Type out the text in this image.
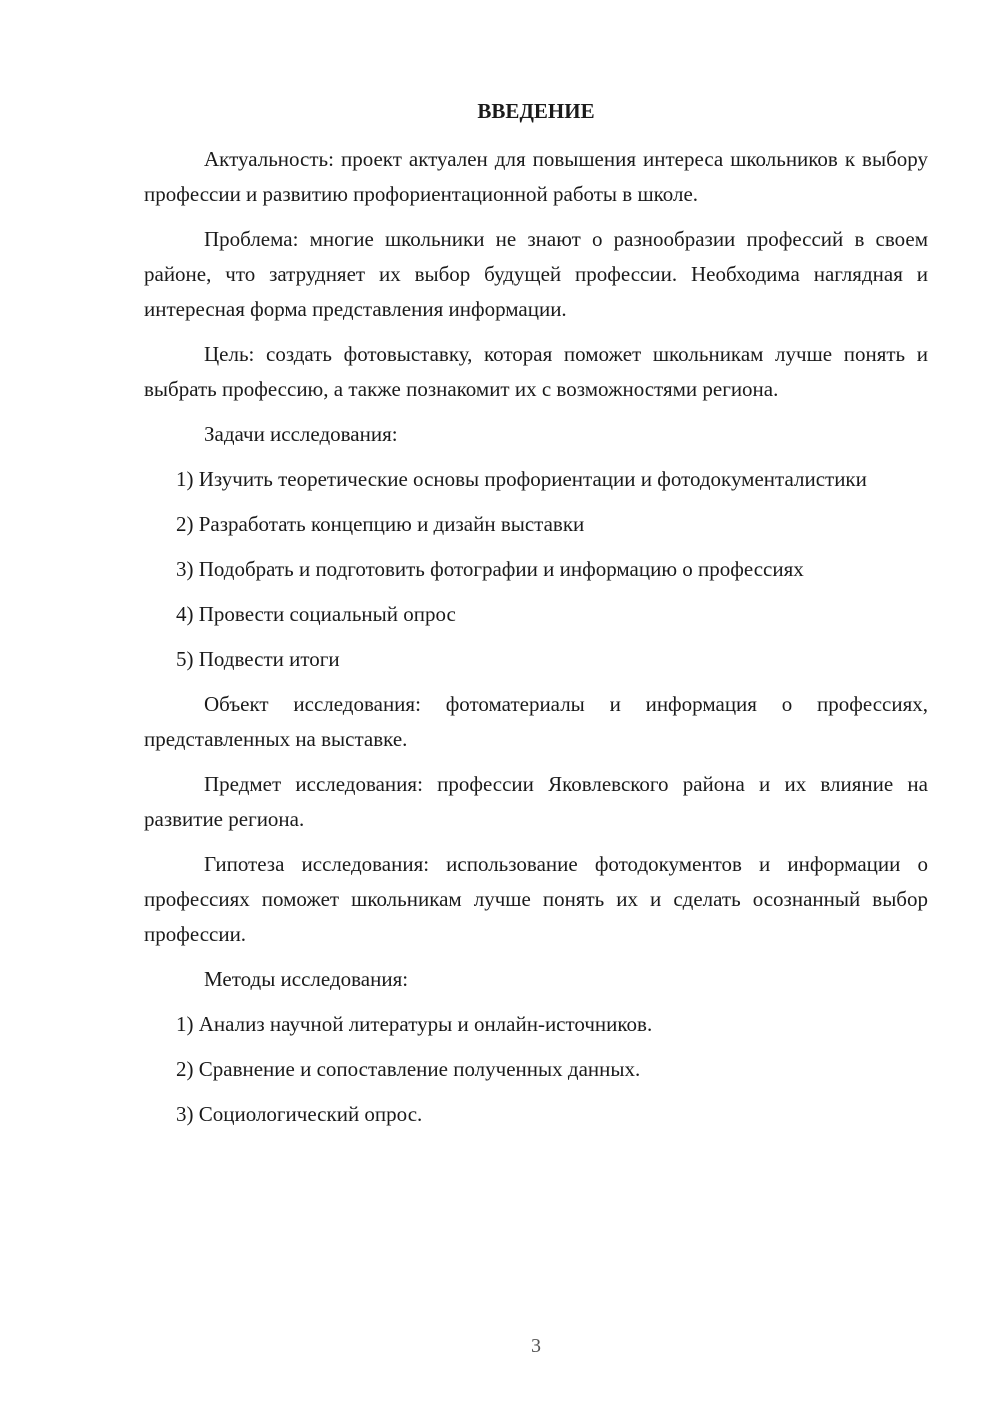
ВВЕДЕНИЕ

Актуальность: проект актуален для повышения интереса школьников к выбору профессии и развитию профориентационной работы в школе.

Проблема: многие школьники не знают о разнообразии профессий в своем районе, что затрудняет их выбор будущей профессии. Необходима наглядная и интересная форма представления информации.

Цель: создать фотовыставку, которая поможет школьникам лучше понять и выбрать профессию, а также познакомит их с возможностями региона.

Задачи исследования:

1) Изучить теоретические основы профориентации и фотодокументалистики

2) Разработать концепцию и дизайн выставки

3) Подобрать и подготовить фотографии и информацию о профессиях

4) Провести социальный опрос

5) Подвести итоги

Объект исследования: фотоматериалы и информация о профессиях, представленных на выставке.

Предмет исследования: профессии Яковлевского района и их влияние на развитие региона.

Гипотеза исследования: использование фотодокументов и информации о профессиях поможет школьникам лучше понять их и сделать осознанный выбор профессии.

Методы исследования:

1) Анализ научной литературы и онлайн-источников.

2) Сравнение и сопоставление полученных данных.

3) Социологический опрос.

3
